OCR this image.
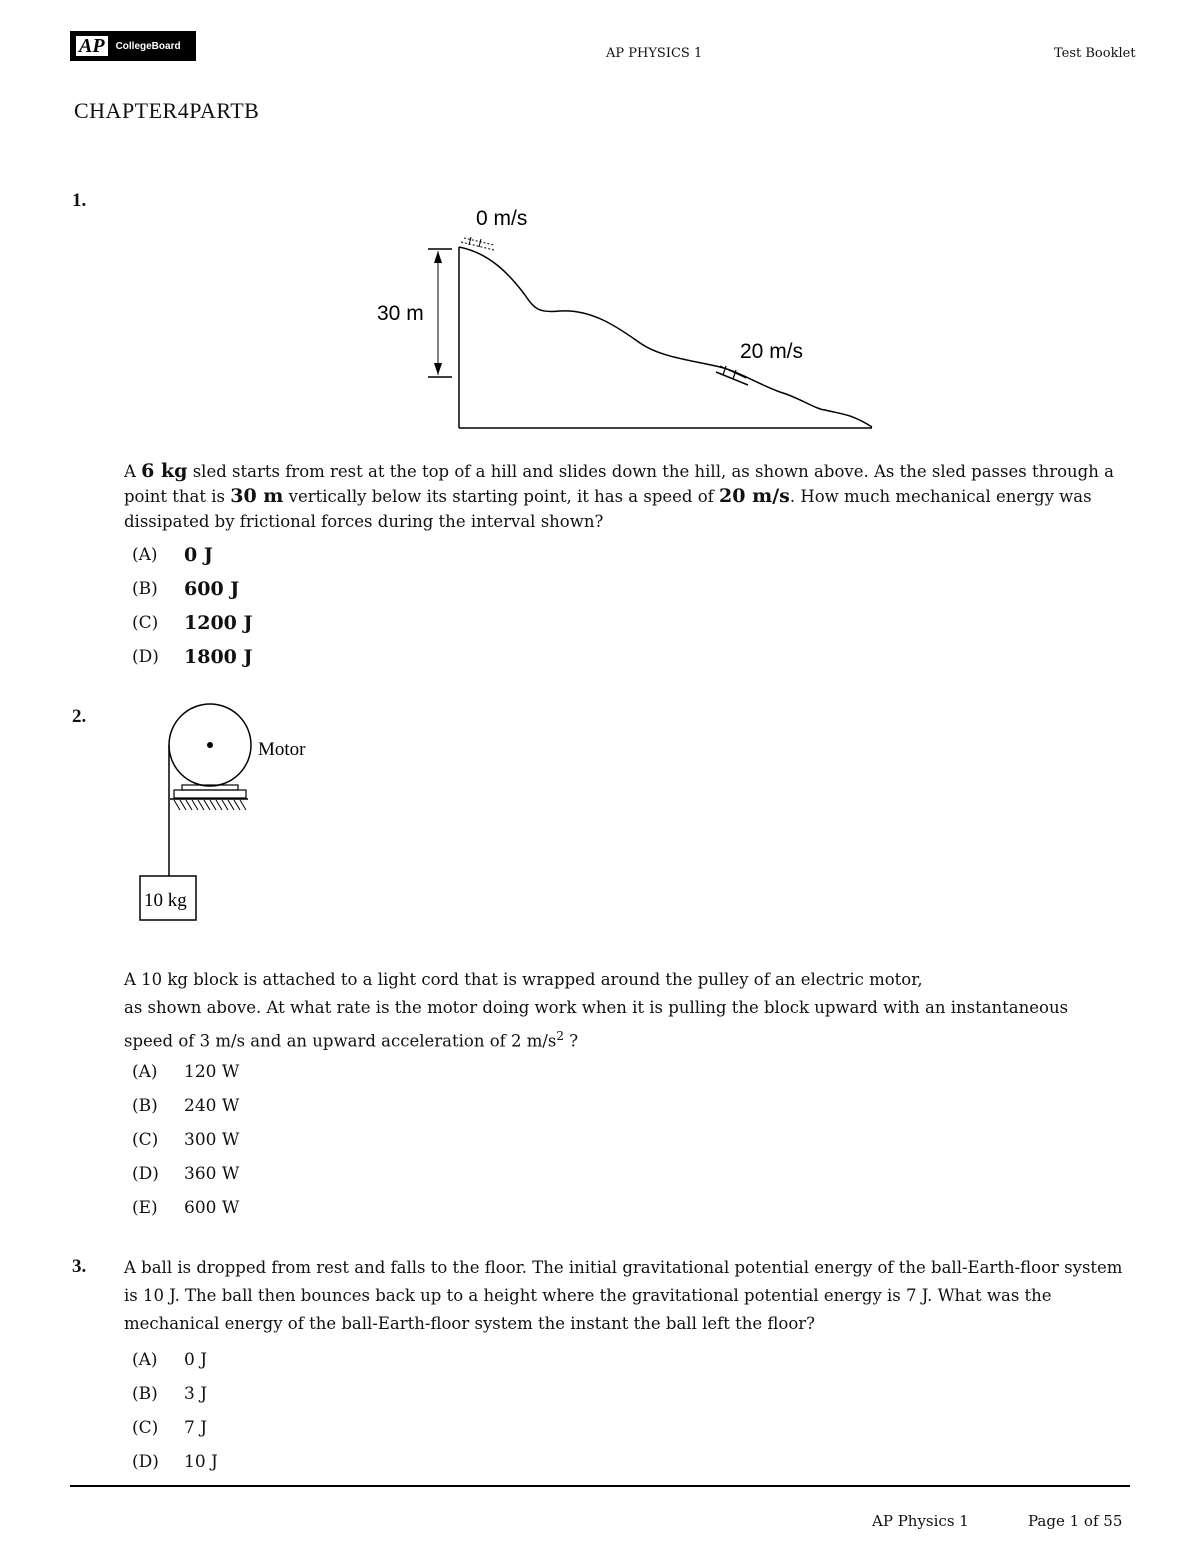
AP	CollegeBoard	AP PHYSICS 1	Test Booklet
CHAPTER4PARTB
1.
0 m/s
30 m
20 m/s
A 6 kg sled starts from rest at the top of a hill and slides down the hill, as shown above. As the sled passes through a point that is 30 m vertically below its starting point, it has a speed of 20 m/s. How much mechanical energy was dissipated by frictional forces during the interval shown?
(A)	0 J
(B)	600 J
(C)	1200 J
(D)	1800 J
2.
10 kg
Motor
A 10 kg block is attached to a light cord that is wrapped around the pulley of an electric motor,
as shown above. At what rate is the motor doing work when it is pulling the block upward with an instantaneous
speed of 3 m/s and an upward acceleration of 2 $m/s^2$ ?
(A)	120 W
(B)	240 W
(C)	300 W
(D)	360 W
(E)	600 W
3. A ball is dropped from rest and falls to the floor. The initial gravitational potential energy of the ball-Earth-floor system is 10 J. The ball then bounces back up to a height where the gravitational potential energy is 7 J. What was the mechanical energy of the ball-Earth-floor system the instant the ball left the floor?
(A)	0 J
(B)	3 J
(C)	7 J
(D)	10 J
AP Physics 1	Page 1 of 55
